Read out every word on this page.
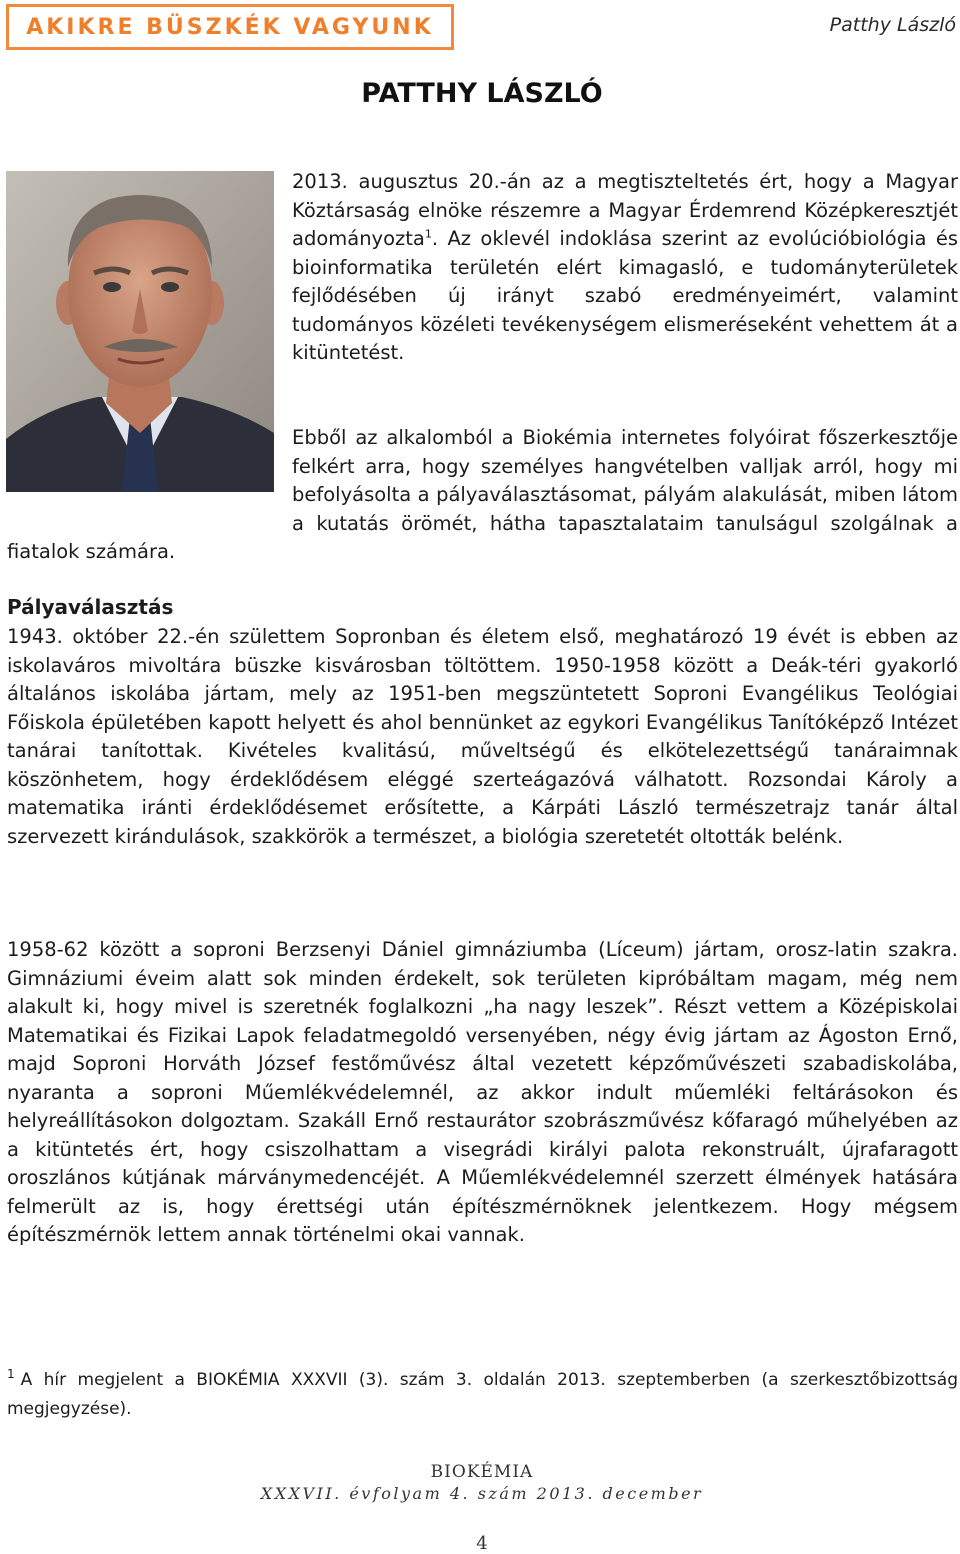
AKIKRE BÜSZKÉK VAGYUNK	Patthy László
PATTHY LÁSZLÓ
2013. augusztus 20.-án az a megtiszteltetés ért, hogy a Magyar Köztársaság elnöke részemre a Magyar Érdemrend Középkeresztjét adományozta$^1$. Az oklevél indoklása szerint az evolúcióbiológia és bioinformatika területén elért kimagasló, e tudományterületek fejlődésében új irányt szabó eredményeimért, valamint tudományos közéleti tevékenységem elismeréseként vehettem át a kitüntetést.
Ebből az alkalomból a Biokémia internetes folyóirat főszerkesztője felkért arra, hogy személyes hangvételben valljak arról, hogy mi befolyásolta a pályaválasztásomat, pályám alakulását, miben látom a kutatás örömét, hátha tapasztalataim tanulságul szolgálnak a fiatalok számára.
Pályaválasztás
1943. október 22.-én születtem Sopronban és életem első, meghatározó 19 évét is ebben az iskolaváros mivoltára büszke kisvárosban töltöttem. 1950-1958 között a Deák-téri gyakorló általános iskolába jártam, mely az 1951-ben megszüntetett Soproni Evangélikus Teológiai Főiskola épületében kapott helyett és ahol bennünket az egykori Evangélikus Tanítóképző Intézet tanárai tanítottak. Kivételes kvalitású, műveltségű és elkötelezettségű tanáraimnak köszönhetem, hogy érdeklődésem eléggé szerteágazóvá válhatott. Rozsondai Károly a matematika iránti érdeklődésemet erősítette, a Kárpáti László természetrajz tanár által szervezett kirándulások, szakkörök a természet, a biológia szeretetét oltották belénk.
1958-62 között a soproni Berzsenyi Dániel gimnáziumba (Líceum) jártam, orosz-latin szakra. Gimnáziumi éveim alatt sok minden érdekelt, sok területen kipróbáltam magam, még nem alakult ki, hogy mivel is szeretnék foglalkozni „ha nagy leszek”. Részt vettem a Középiskolai Matematikai és Fizikai Lapok feladatmegoldó versenyében, négy évig jártam az Ágoston Ernő, majd Soproni Horváth József festőművész által vezetett képzőművészeti szabadiskolába, nyaranta a soproni Műemlékvédelemnél, az akkor indult műemléki feltárásokon és helyreállításokon dolgoztam. Szakáll Ernő restaurátor szobrászművész kőfaragó műhelyében az a kitüntetés ért, hogy csiszolhattam a visegrádi királyi palota rekonstruált, újrafaragott oroszlános kútjának márványmedencéjét. A Műemlékvédelemnél szerzett élmények hatására felmerült az is, hogy érettségi után építészmérnöknek jelentkezem. Hogy mégsem építészmérnök lettem annak történelmi okai vannak.
$^1$ A hír megjelent a BIOKÉMIA XXXVII (3). szám 3. oldalán 2013. szeptemberben (a szerkesztőbizottság megjegyzése).
BIOKÉMIA
XXXVII. évfolyam 4. szám 2013. december
4
